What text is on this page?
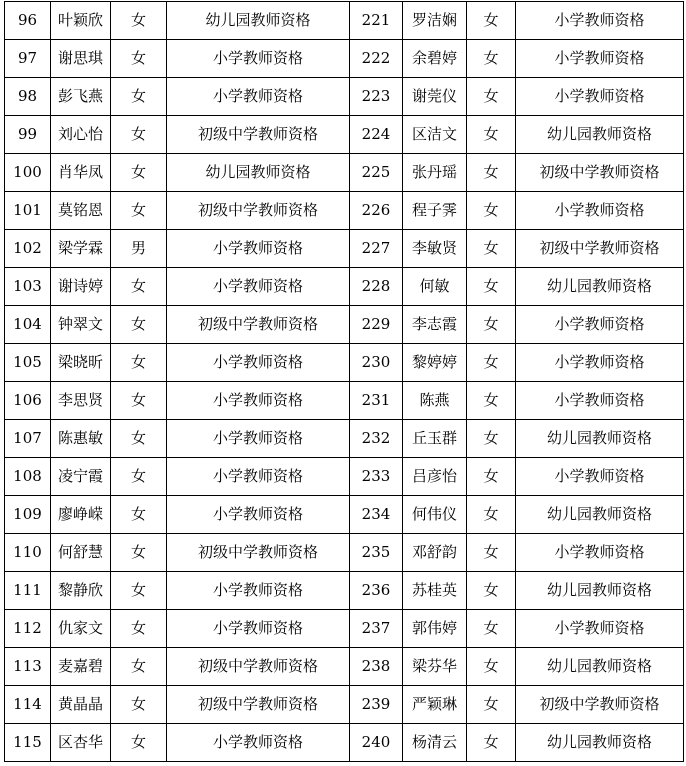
96	叶颖欣	女	幼儿园教师资格	221	罗洁娴	女	小学教师资格
97	谢思琪	女	小学教师资格	222	余碧婷	女	小学教师资格
98	彭飞燕	女	小学教师资格	223	谢莞仪	女	小学教师资格
99	刘心怡	女	初级中学教师资格	224	区洁文	女	幼儿园教师资格
100	肖华凤	女	幼儿园教师资格	225	张丹瑶	女	初级中学教师资格
101	莫铭恩	女	初级中学教师资格	226	程子霁	女	小学教师资格
102	梁学霖	男	小学教师资格	227	李敏贤	女	初级中学教师资格
103	谢诗婷	女	小学教师资格	228	何敏	女	幼儿园教师资格
104	钟翠文	女	初级中学教师资格	229	李志霞	女	小学教师资格
105	梁晓昕	女	小学教师资格	230	黎婷婷	女	小学教师资格
106	李思贤	女	小学教师资格	231	陈燕	女	小学教师资格
107	陈惠敏	女	小学教师资格	232	丘玉群	女	幼儿园教师资格
108	凌宁霞	女	小学教师资格	233	吕彦怡	女	小学教师资格
109	廖峥嵘	女	小学教师资格	234	何伟仪	女	幼儿园教师资格
110	何舒慧	女	初级中学教师资格	235	邓舒韵	女	小学教师资格
111	黎静欣	女	小学教师资格	236	苏桂英	女	幼儿园教师资格
112	仇家文	女	小学教师资格	237	郭伟婷	女	小学教师资格
113	麦嘉碧	女	初级中学教师资格	238	梁芬华	女	幼儿园教师资格
114	黄晶晶	女	初级中学教师资格	239	严颖琳	女	初级中学教师资格
115	区杏华	女	小学教师资格	240	杨清云	女	幼儿园教师资格
